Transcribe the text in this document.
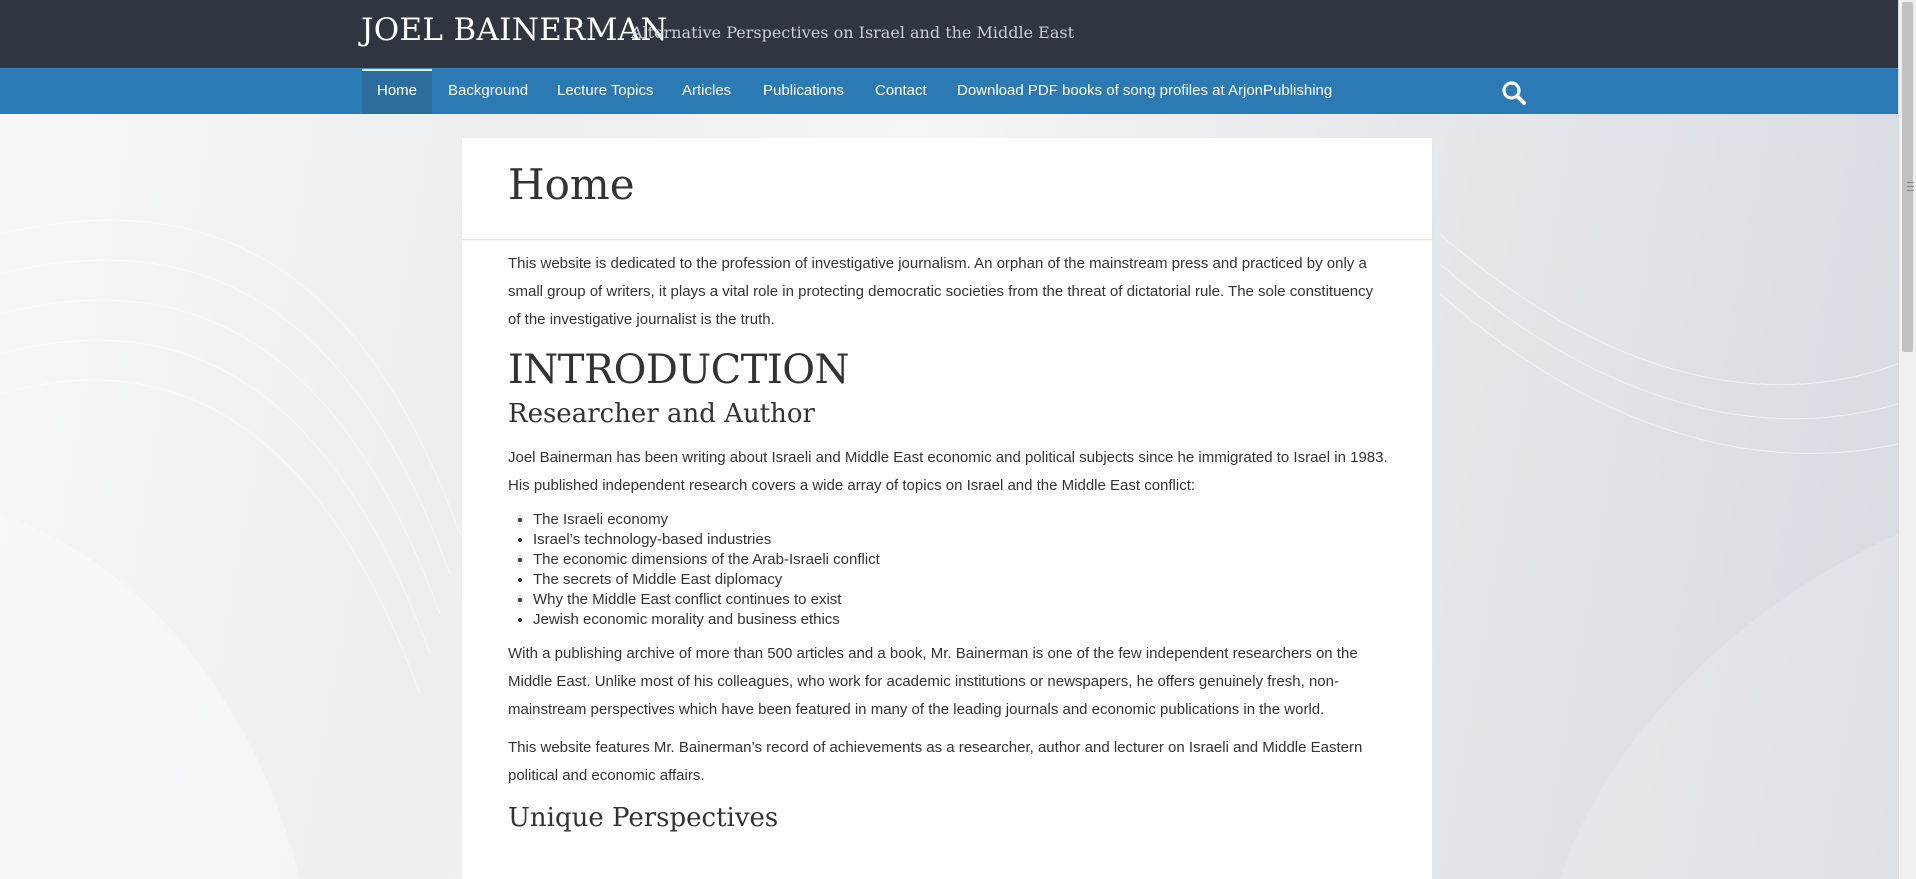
JOEL BAINERMAN
Alternative Perspectives on Israel and the Middle East
Home	Background	Lecture Topics	Articles	Publications	Contact	Download PDF books of song profiles at ArjonPublishing
Home

This website is dedicated to the profession of investigative journalism. An orphan of the mainstream press and practiced by only a small group of writers, it plays a vital role in protecting democratic societies from the threat of dictatorial rule. The sole constituency of the investigative journalist is the truth.

INTRODUCTION
Researcher and Author

Joel Bainerman has been writing about Israeli and Middle East economic and political subjects since he immigrated to Israel in 1983. His published independent research covers a wide array of topics on Israel and the Middle East conflict:

• The Israeli economy
• Israel’s technology-based industries
• The economic dimensions of the Arab-Israeli conflict
• The secrets of Middle East diplomacy
• Why the Middle East conflict continues to exist
• Jewish economic morality and business ethics

With a publishing archive of more than 500 articles and a book, Mr. Bainerman is one of the few independent researchers on the Middle East. Unlike most of his colleagues, who work for academic institutions or newspapers, he offers genuinely fresh, non-mainstream perspectives which have been featured in many of the leading journals and economic publications in the world.

This website features Mr. Bainerman’s record of achievements as a researcher, author and lecturer on Israeli and Middle Eastern political and economic affairs.

Unique Perspectives
